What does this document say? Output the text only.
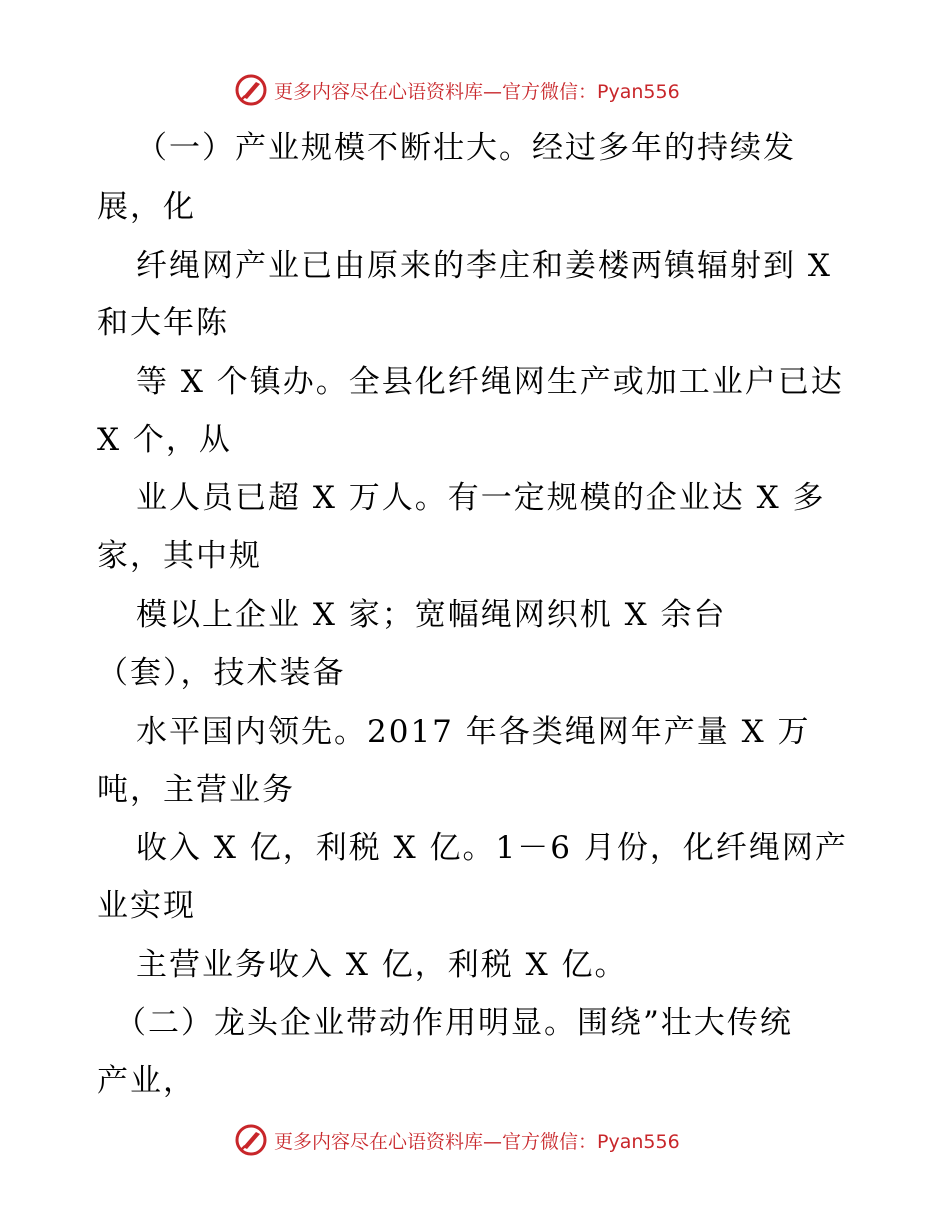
更多内容尽在心语资料库—官方微信：Pyan556
（一）产业规模不断壮大。经过多年的持续发
展，化
纤绳网产业已由原来的李庄和姜楼两镇辐射到 X
和大年陈
等 X 个镇办。全县化纤绳网生产或加工业户已达
X 个，从
业人员已超 X 万人。有一定规模的企业达 X 多
家，其中规
模以上企业 X 家；宽幅绳网织机 X 余台
（套），技术装备
水平国内领先。2017 年各类绳网年产量 X 万
吨，主营业务
收入 X 亿，利税 X 亿。1－6 月份，化纤绳网产
业实现
主营业务收入 X 亿，利税 X 亿。
（二）龙头企业带动作用明显。围绕”壮大传统
产业，
更多内容尽在心语资料库—官方微信：Pyan556
